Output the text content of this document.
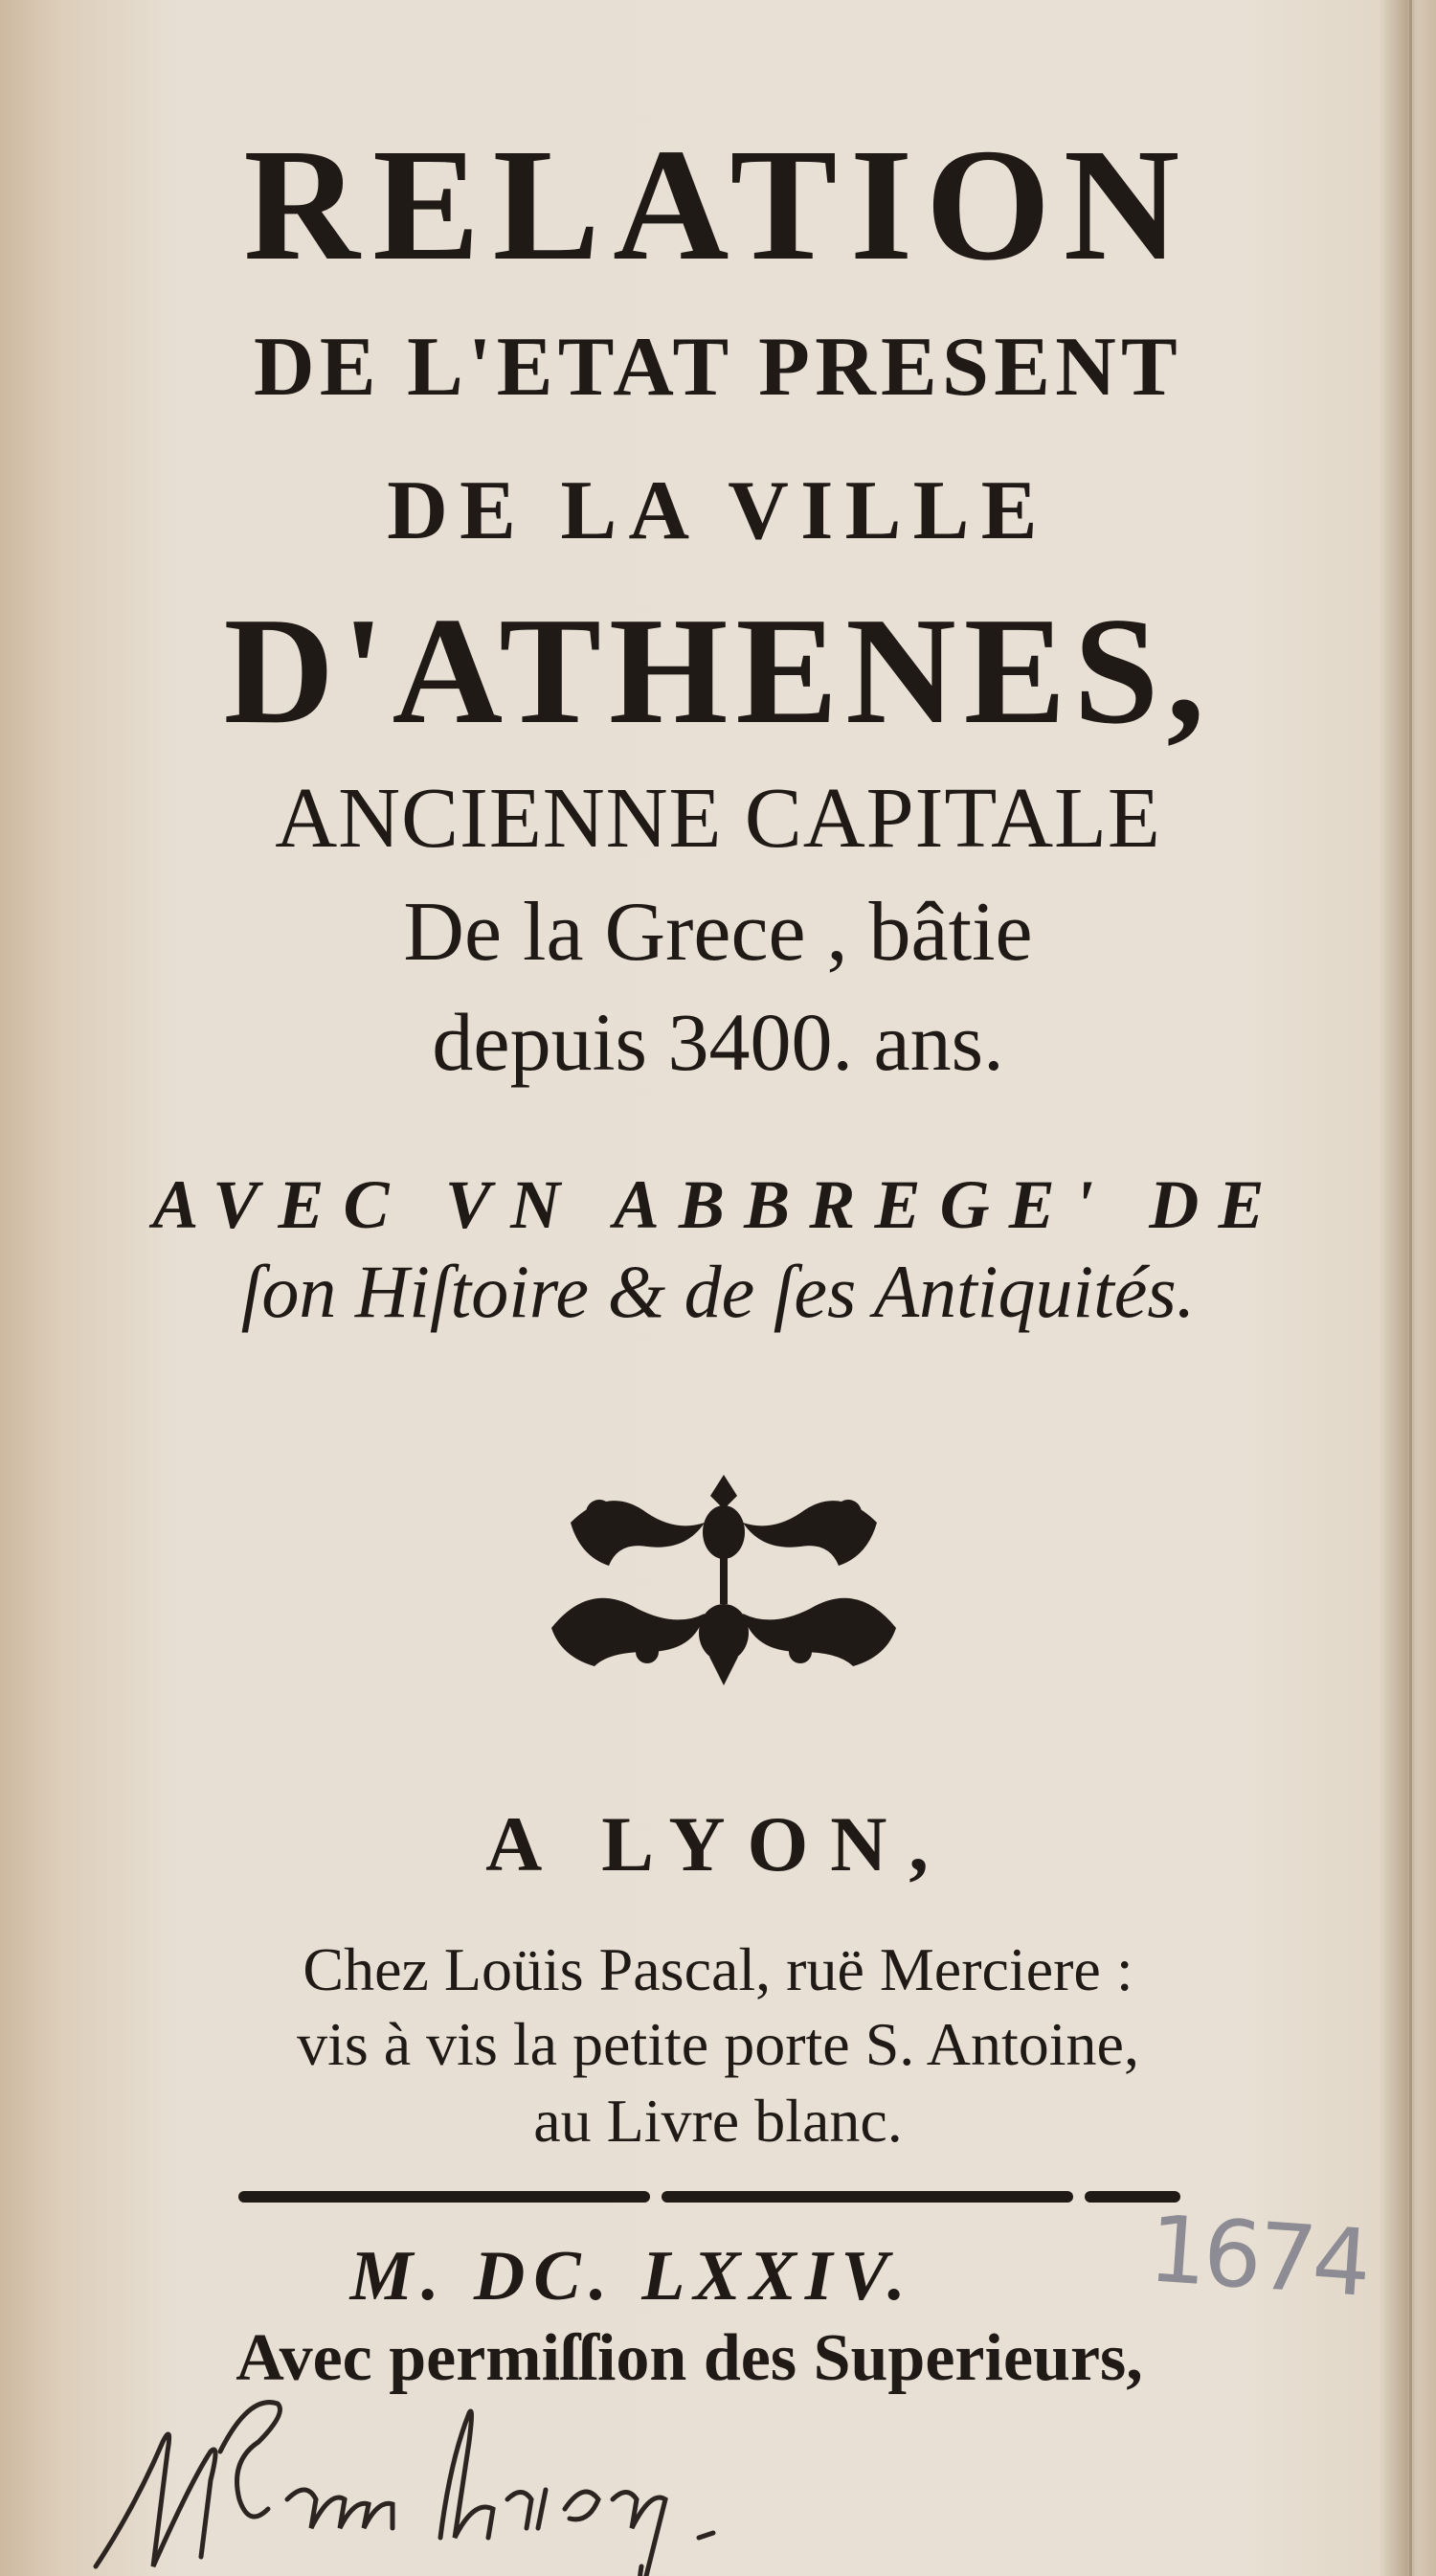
RELATION
DE L'ETAT PRESENT
DE LA VILLE
D'ATHENES,
ANCIENNE CAPITALE
De la Grece , bâtie
depuis 3400. ans.
AVEC VN ABBREGE' DE
ſon Hiſtoire & de ſes Antiquités.
A LYON,
Chez Loüis Pascal, ruë Merciere :
vis à vis la petite porte S. Antoine,
au Livre blanc.
M. DC. LXXIV.	1674
Avec permiſſion des Superieurs,
